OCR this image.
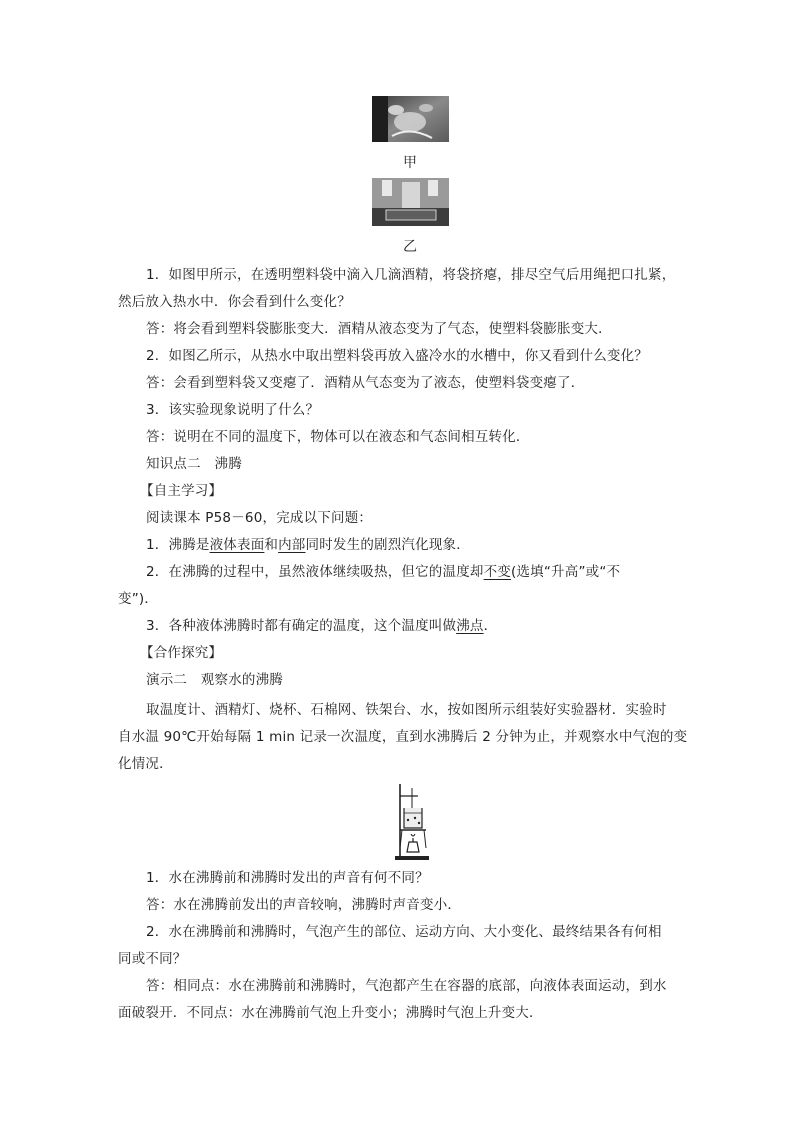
甲
乙
1．如图甲所示，在透明塑料袋中滴入几滴酒精，将袋挤瘪，排尽空气后用绳把口扎紧，
然后放入热水中．你会看到什么变化？
答：将会看到塑料袋膨胀变大．酒精从液态变为了气态，使塑料袋膨胀变大．
2．如图乙所示，从热水中取出塑料袋再放入盛冷水的水槽中，你又看到什么变化？
答：会看到塑料袋又变瘪了．酒精从气态变为了液态，使塑料袋变瘪了．
3．该实验现象说明了什么？
答：说明在不同的温度下，物体可以在液态和气态间相互转化．
知识点二　沸腾
【自主学习】
阅读课本 P58－60，完成以下问题：
1．沸腾是液体表面和内部同时发生的剧烈汽化现象．
2．在沸腾的过程中，虽然液体继续吸热，但它的温度却不变(选填“升高”或“不
变”)．
3．各种液体沸腾时都有确定的温度，这个温度叫做沸点．
【合作探究】
演示二　观察水的沸腾
取温度计、酒精灯、烧杯、石棉网、铁架台、水，按如图所示组装好实验器材．实验时
自水温 90℃开始每隔 1 min 记录一次温度，直到水沸腾后 2 分钟为止，并观察水中气泡的变
化情况．
1．水在沸腾前和沸腾时发出的声音有何不同？
答：水在沸腾前发出的声音较响，沸腾时声音变小．
2．水在沸腾前和沸腾时，气泡产生的部位、运动方向、大小变化、最终结果各有何相
同或不同？
答：相同点：水在沸腾前和沸腾时，气泡都产生在容器的底部，向液体表面运动，到水
面破裂开．不同点：水在沸腾前气泡上升变小；沸腾时气泡上升变大．
